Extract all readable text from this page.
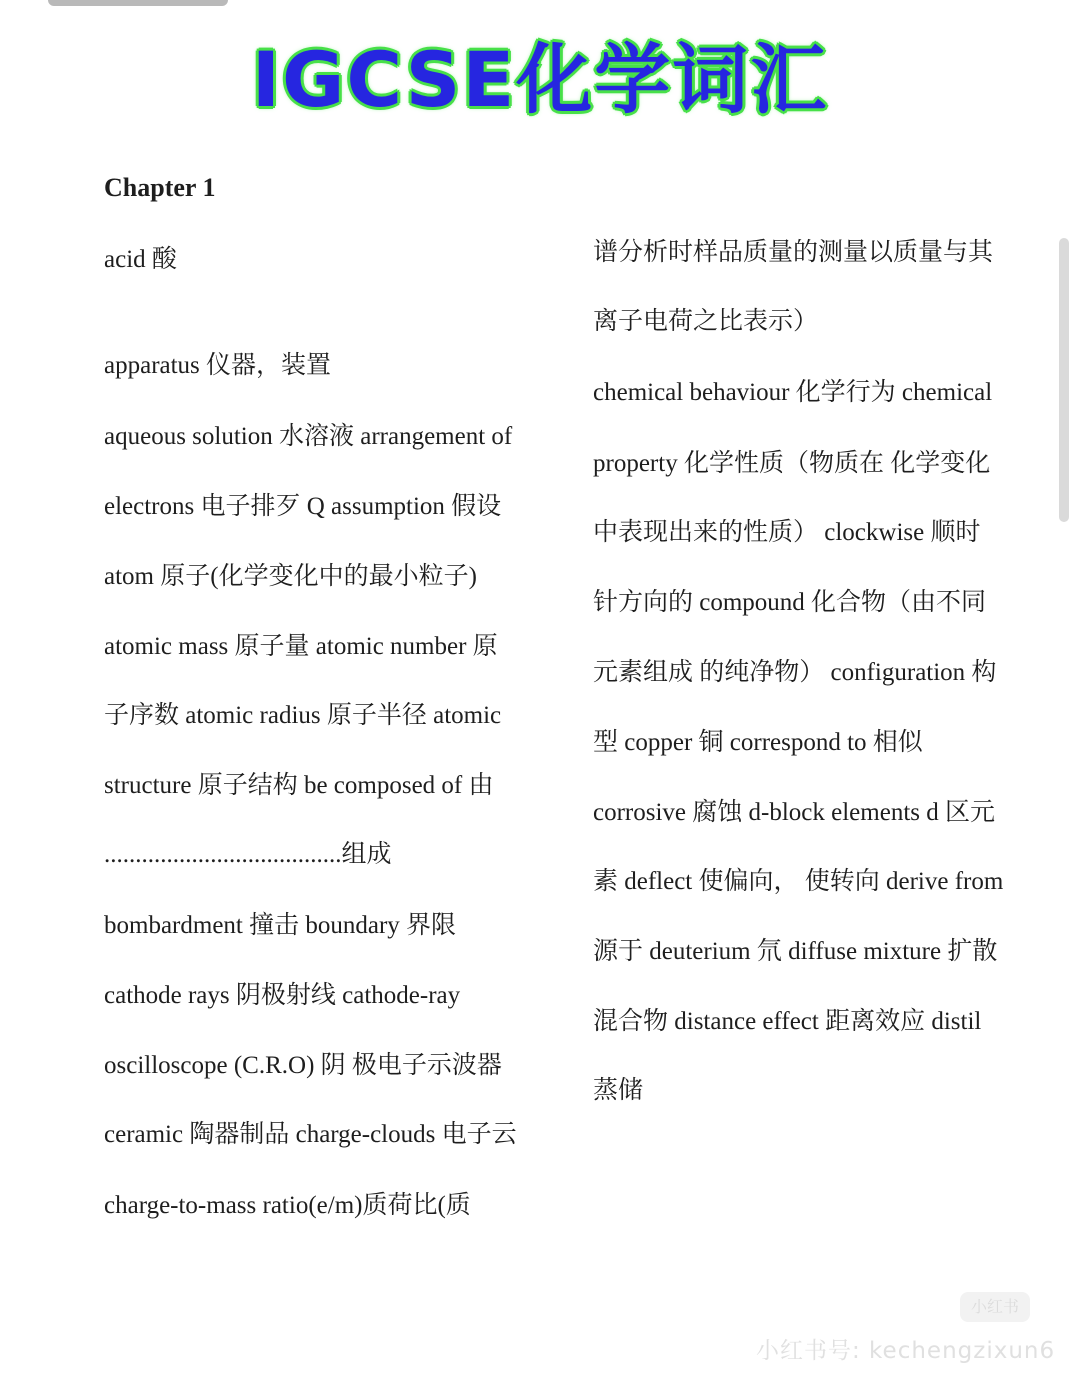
IGCSE化学词汇
Chapter 1
acid 酸
apparatus 仪器，装置
aqueous solution 水溶液 arrangement of
electrons 电子排歹 Q assumption 假设
atom 原子(化学变化中的最小粒子)
atomic mass 原子量 atomic number 原
子序数 atomic radius 原子半径 atomic
structure 原子结构 be composed of 由
......................................组成
bombardment 撞击 boundary 界限
cathode rays 阴极射线 cathode-ray
oscilloscope (C.R.O) 阴 极电子示波器
ceramic 陶器制品 charge-clouds 电子云
charge-to-mass ratio(e/m)质荷比(质
谱分析时样品质量的测量以质量与其
离子电荷之比表示）
chemical behaviour 化学行为 chemical
property 化学性质（物质在 化学变化
中表现出来的性质） clockwise 顺时
针方向的 compound 化合物（由不同
元素组成 的纯净物） configuration 构
型 copper 铜 correspond to 相似
corrosive 腐蚀 d-block elements d 区元
素 deflect 使偏向， 使转向 derive from
源于 deuterium 氘 diffuse mixture 扩散
混合物 distance effect 距离效应 distil
蒸储
小红书
小红书号: kechengzixun6
